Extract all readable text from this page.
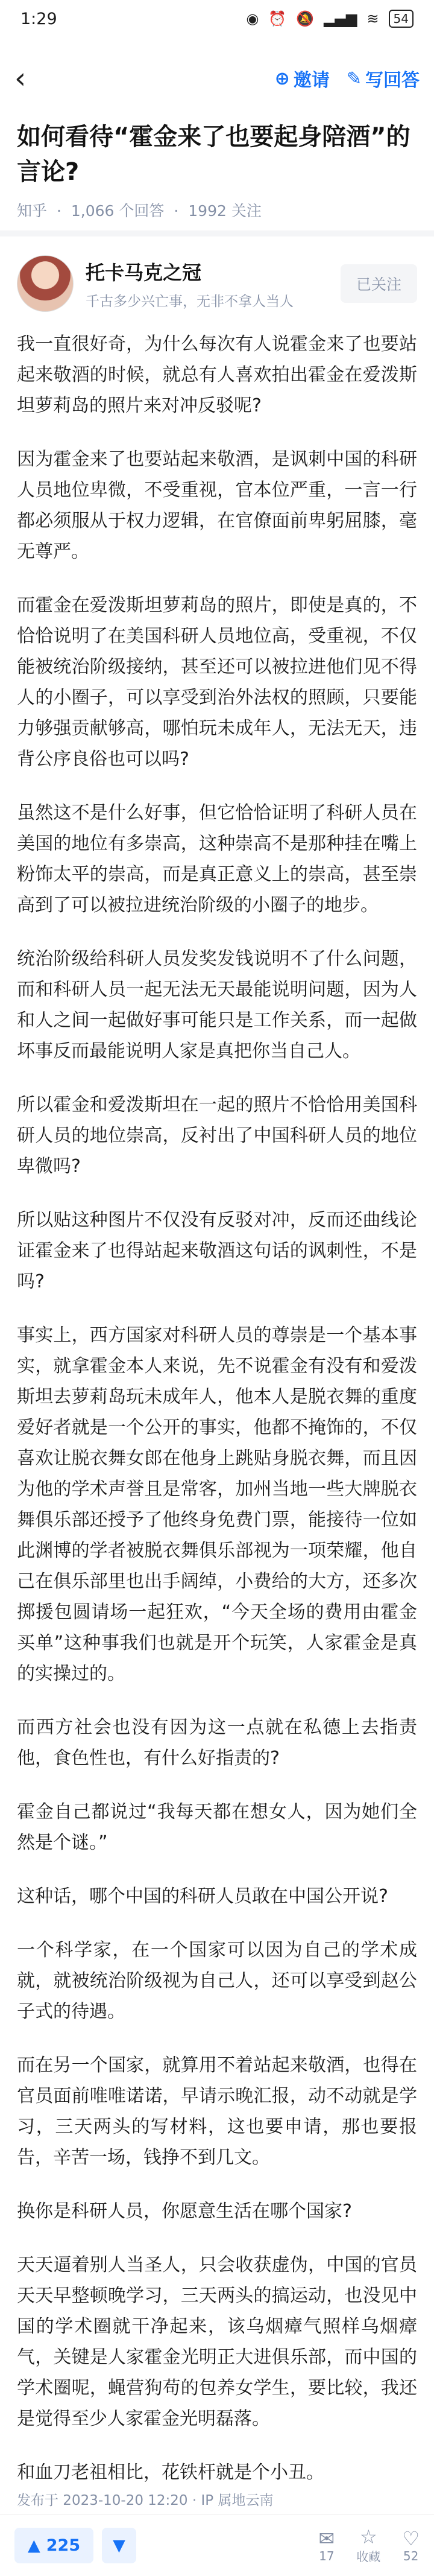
1:29	◉ ⏰ 🔕 ▂▄▆ ≋	54
‹	⊕ 邀请 ✎ 写回答
如何看待“霍金来了也要起身陪酒”的言论?
知乎 · 1,066 个回答 · 1992 关注
托卡马克之冠
千古多少兴亡事，无非不拿人当人
已关注

我一直很好奇，为什么每次有人说霍金来了也要站起来敬酒的时候，就总有人喜欢拍出霍金在爱泼斯坦萝莉岛的照片来对冲反驳呢?

因为霍金来了也要站起来敬酒，是讽刺中国的科研人员地位卑微，不受重视，官本位严重，一言一行都必须服从于权力逻辑，在官僚面前卑躬屈膝，毫无尊严。

而霍金在爱泼斯坦萝莉岛的照片，即使是真的，不恰恰说明了在美国科研人员地位高，受重视，不仅能被统治阶级接纳，甚至还可以被拉进他们见不得人的小圈子，可以享受到治外法权的照顾，只要能力够强贡献够高，哪怕玩未成年人，无法无天，违背公序良俗也可以吗?

虽然这不是什么好事，但它恰恰证明了科研人员在美国的地位有多崇高，这种崇高不是那种挂在嘴上粉饰太平的崇高，而是真正意义上的崇高，甚至崇高到了可以被拉进统治阶级的小圈子的地步。

统治阶级给科研人员发奖发钱说明不了什么问题，而和科研人员一起无法无天最能说明问题，因为人和人之间一起做好事可能只是工作关系，而一起做坏事反而最能说明人家是真把你当自己人。

所以霍金和爱泼斯坦在一起的照片不恰恰用美国科研人员的地位崇高，反衬出了中国科研人员的地位卑微吗?

所以贴这种图片不仅没有反驳对冲，反而还曲线论证霍金来了也得站起来敬酒这句话的讽刺性，不是吗?

事实上，西方国家对科研人员的尊崇是一个基本事实，就拿霍金本人来说，先不说霍金有没有和爱泼斯坦去萝莉岛玩未成年人，他本人是脱衣舞的重度爱好者就是一个公开的事实，他都不掩饰的，不仅喜欢让脱衣舞女郎在他身上跳贴身脱衣舞，而且因为他的学术声誉且是常客，加州当地一些大牌脱衣舞俱乐部还授予了他终身免费门票，能接待一位如此渊博的学者被脱衣舞俱乐部视为一项荣耀，他自己在俱乐部里也出手阔绰，小费给的大方，还多次掷援包圆请场一起狂欢，“今天全场的费用由霍金买单”这种事我们也就是开个玩笑，人家霍金是真的实操过的。

而西方社会也没有因为这一点就在私德上去指责他，食色性也，有什么好指责的?

霍金自己都说过“我每天都在想女人，因为她们全然是个谜。”

这种话，哪个中国的科研人员敢在中国公开说?

一个科学家，在一个国家可以因为自己的学术成就，就被统治阶级视为自己人，还可以享受到赵公子式的待遇。

而在另一个国家，就算用不着站起来敬酒，也得在官员面前唯唯诺诺，早请示晚汇报，动不动就是学习，三天两头的写材料，这也要申请，那也要报告，辛苦一场，钱挣不到几文。

换你是科研人员，你愿意生活在哪个国家?

天天逼着别人当圣人，只会收获虚伪，中国的官员天天早整顿晚学习，三天两头的搞运动，也没见中国的学术圈就干净起来，该乌烟瘴气照样乌烟瘴气，关键是人家霍金光明正大进俱乐部，而中国的学术圈呢，蝇营狗苟的包养女学生，要比较，我还是觉得至少人家霍金光明磊落。

和血刀老祖相比，花铁杆就是个小丑。

发布于 2023-10-20 12:20 · IP 属地云南
▲ 225	▼	✉
17
☆
收藏
♡
52
